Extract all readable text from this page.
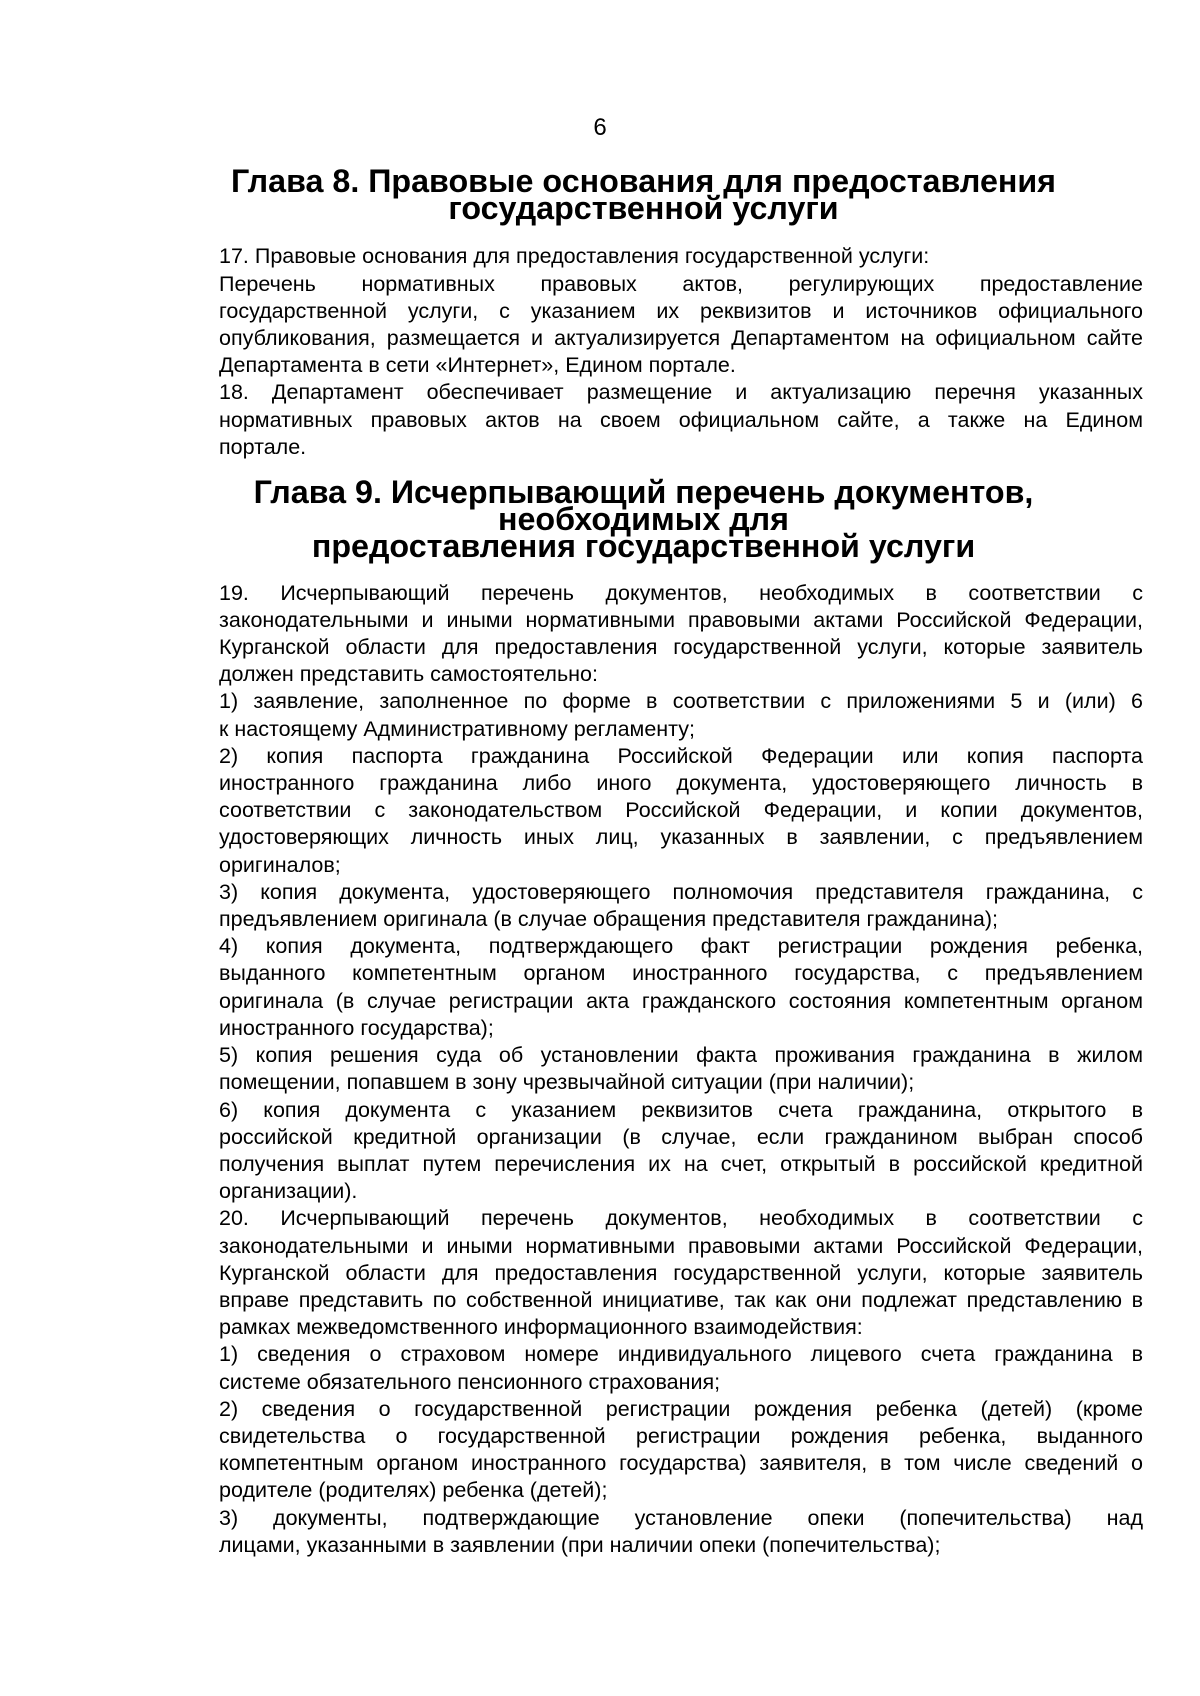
6
Глава 8. Правовые основания для предоставления государственной услуги

17. Правовые основания для предоставления государственной услуги:

Перечень нормативных правовых актов, регулирующих предоставление
государственной услуги, с указанием их реквизитов и источников официального
опубликования, размещается и актуализируется Департаментом на официальном сайте
Департамента в сети «Интернет», Едином портале.

18. Департамент обеспечивает размещение и актуализацию перечня указанных
нормативных правовых актов на своем официальном сайте, а также на Едином
портале.

Глава 9. Исчерпывающий перечень документов, необходимых для
предоставления государственной услуги

19. Исчерпывающий перечень документов, необходимых в соответствии с
законодательными и иными нормативными правовыми актами Российской Федерации,
Курганской области для предоставления государственной услуги, которые заявитель
должен представить самостоятельно:

1) заявление, заполненное по форме в соответствии с приложениями 5 и (или) 6
к настоящему Административному регламенту;

2) копия паспорта гражданина Российской Федерации или копия паспорта
иностранного гражданина либо иного документа, удостоверяющего личность в
соответствии с законодательством Российской Федерации, и копии документов,
удостоверяющих личность иных лиц, указанных в заявлении, с предъявлением
оригиналов;

3) копия документа, удостоверяющего полномочия представителя гражданина, с
предъявлением оригинала (в случае обращения представителя гражданина);

4) копия документа, подтверждающего факт регистрации рождения ребенка,
выданного компетентным органом иностранного государства, с предъявлением
оригинала (в случае регистрации акта гражданского состояния компетентным органом
иностранного государства);

5) копия решения суда об установлении факта проживания гражданина в жилом
помещении, попавшем в зону чрезвычайной ситуации (при наличии);

6) копия документа с указанием реквизитов счета гражданина, открытого в
российской кредитной организации (в случае, если гражданином выбран способ
получения выплат путем перечисления их на счет, открытый в российской кредитной
организации).

20. Исчерпывающий перечень документов, необходимых в соответствии с
законодательными и иными нормативными правовыми актами Российской Федерации,
Курганской области для предоставления государственной услуги, которые заявитель
вправе представить по собственной инициативе, так как они подлежат представлению в
рамках межведомственного информационного взаимодействия:

1) сведения о страховом номере индивидуального лицевого счета гражданина в
системе обязательного пенсионного страхования;

2) сведения о государственной регистрации рождения ребенка (детей) (кроме
свидетельства о государственной регистрации рождения ребенка, выданного
компетентным органом иностранного государства) заявителя, в том числе сведений о
родителе (родителях) ребенка (детей);

3) документы, подтверждающие установление опеки (попечительства) над
лицами, указанными в заявлении (при наличии опеки (попечительства);
